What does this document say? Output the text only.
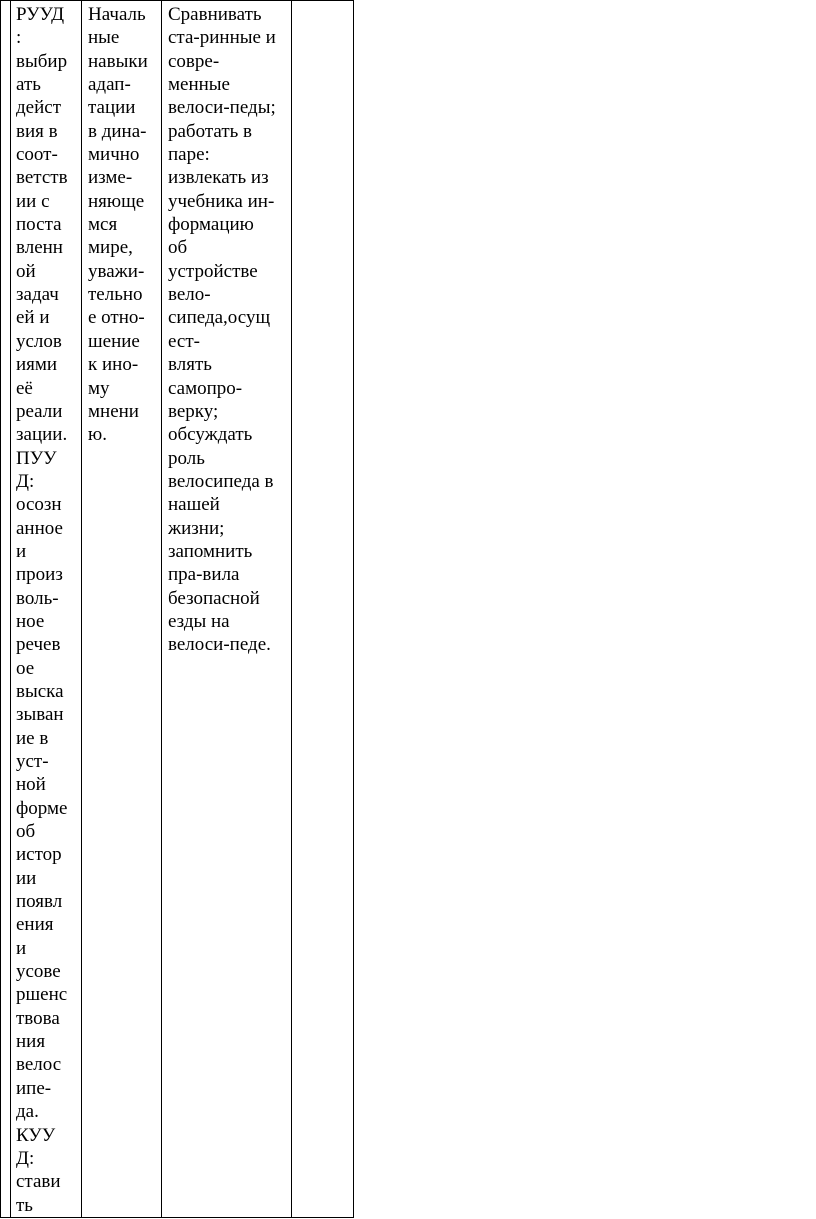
РУУД
:
выбир
ать
дейст
вия в
соот-
ветств
ии с
поста
вленн
ой
задач
ей и
услов
иями
её
реали
зации.
ПУУ
Д:
осозн
анное
и
произ
воль-
ное
речев
ое
выска
зыван
ие в
уст-
ной
форме
об
истор
ии
появл
ения
и
усове
ршенс
твова
ния
велос
ипе-
да.
КУУ
Д:
стави
ть

Началь
ные
навыки
адап-
тации
в дина-
мично
изме-
няюще
мся
мире,
уважи-
тельно
е отно-
шение
к ино-
му
мнени
ю.

Сравнивать
ста-ринные и
совре-
менные
велоси-педы;
работать в
паре:
извлекать из
учебника ин-
формацию
об
устройстве
вело-
сипеда,осущ
ест-
влять
самопро-
верку;
обсуждать
роль
велосипеда в
нашей
жизни;
запомнить
пра-вила
безопасной
езды на
велоси-педе.
